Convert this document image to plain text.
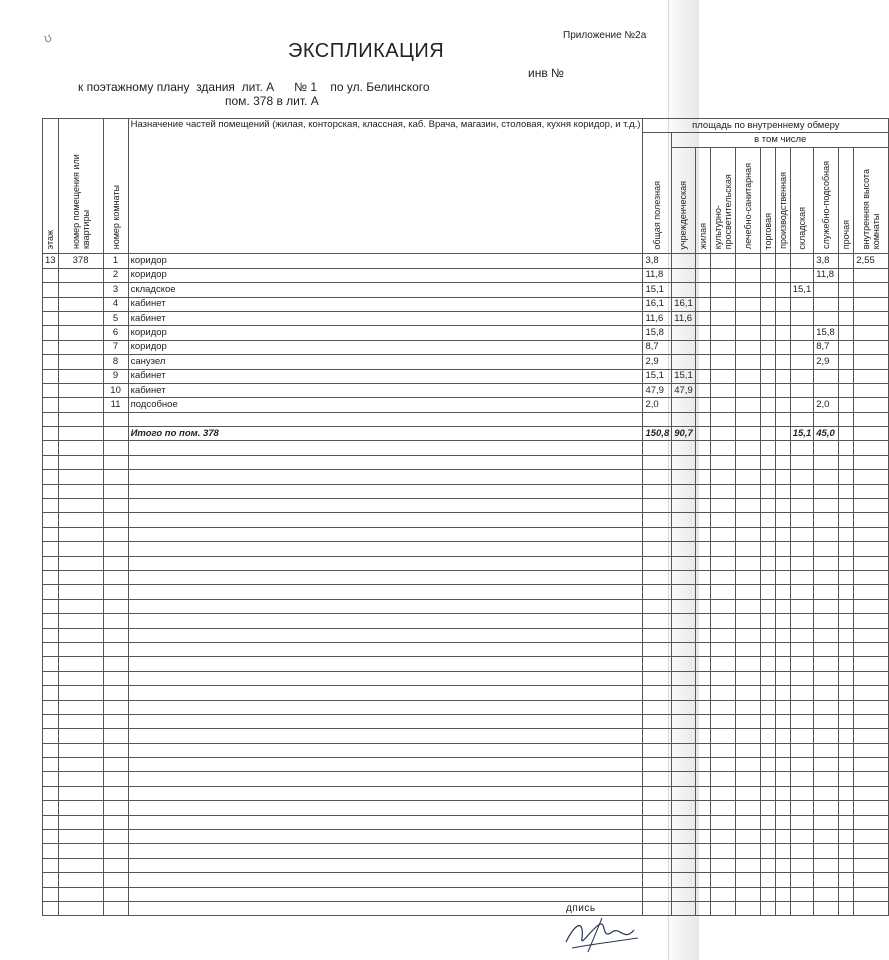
ʊ	Приложение №2а
ЭКСПЛИКАЦИЯ
инв №
к поэтажному плану  здания  лит. А      № 1    по ул. Белинского
пом. 378 в лит. А
этаж	номер помещения или квартиры	номер комнаты	Назначение частей помещений (жилая, конторская, классная, каб. Врача, магазин, столовая, кухня коридор, и т.д.)	площадь по внутреннему обмеру										
				общая полезная	в том числе									
					учрежденческая	жилая	культурно-просветительская	лечебно-санитарная	торговая	производственная	складская	служебно-подсобная	прочая	внутренняя высота комнаты
13	378	1	коридор	3,8								3,8		2,55
		2	коридор	11,8								11,8		
		3	складское	15,1							15,1			
		4	кабинет	16,1	16,1									
		5	кабинет	11,6	11,6									
		6	коридор	15,8								15,8		
		7	коридор	8,7								8,7		
		8	санузел	2,9								2,9		
		9	кабинет	15,1	15,1									
		10	кабинет	47,9	47,9									
		11	подсобное	2,0								2,0		

			Итого по пом. 378	150,8	90,7						15,1	45,0		

дпись
